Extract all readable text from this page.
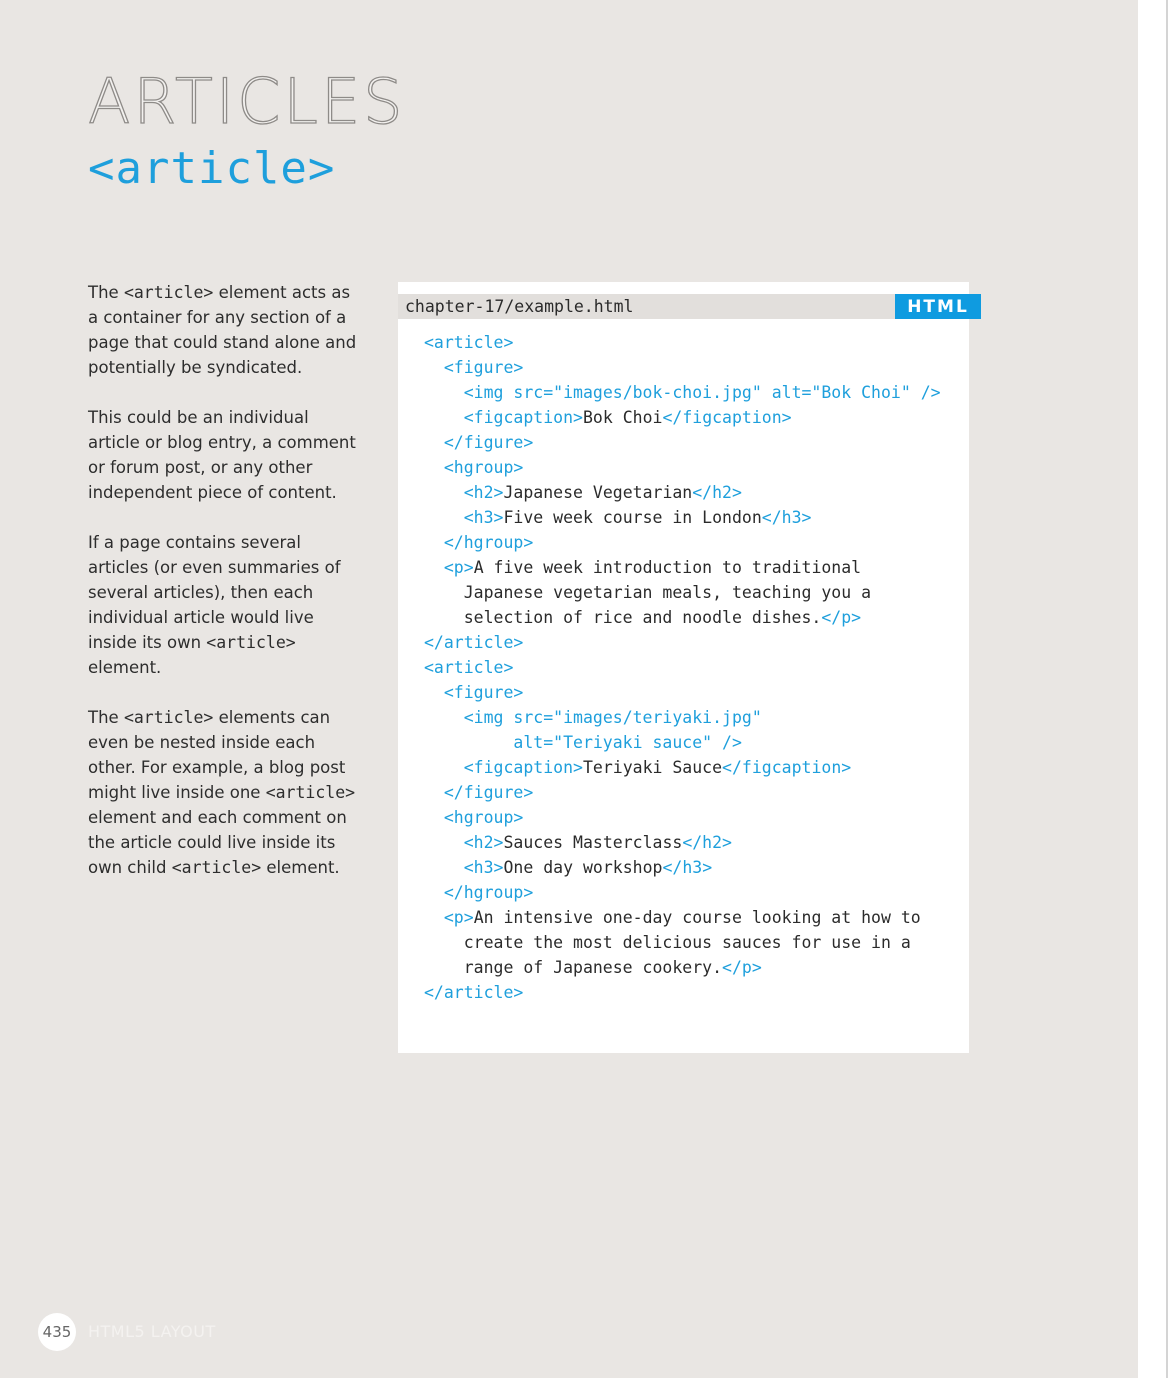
ARTICLES
<article>

The <article> element acts as a container for any section of a page that could stand alone and potentially be syndicated.

This could be an individual article or blog entry, a comment or forum post, or any other independent piece of content.

If a page contains several articles (or even summaries of several articles), then each individual article would live inside its own <article> element.

The <article> elements can even be nested inside each other. For example, a blog post might live inside one <article> element and each comment on the article could live inside its own child <article> element.

chapter-17/example.html	HTML
<article>
<figure>
<img src="images/bok-choi.jpg" alt="Bok Choi" />
<figcaption>Bok Choi</figcaption>
</figure>
<hgroup>
<h2>Japanese Vegetarian</h2>
<h3>Five week course in London</h3>
</hgroup>
<p>A five week introduction to traditional
Japanese vegetarian meals, teaching you a
selection of rice and noodle dishes.</p>
</article>
<article>
<figure>
<img src="images/teriyaki.jpg"
alt="Teriyaki sauce" />
<figcaption>Teriyaki Sauce</figcaption>
</figure>
<hgroup>
<h2>Sauces Masterclass</h2>
<h3>One day workshop</h3>
</hgroup>
<p>An intensive one-day course looking at how to
create the most delicious sauces for use in a
range of Japanese cookery.</p>
</article>
435 HTML5 LAYOUT
